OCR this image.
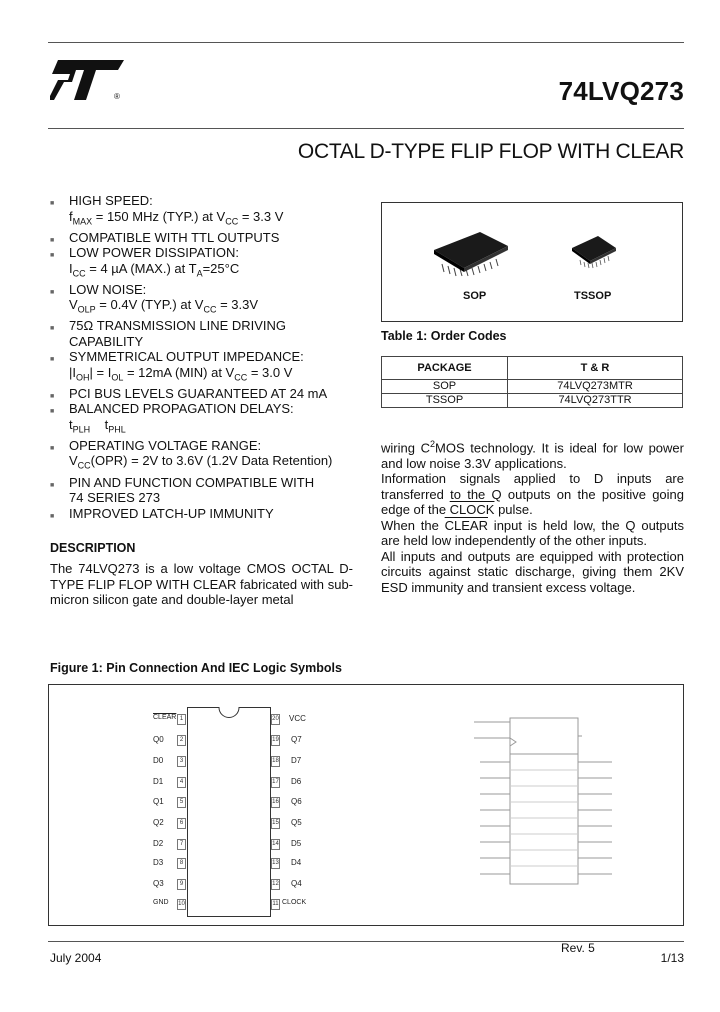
®	74LVQ273
OCTAL D-TYPE FLIP FLOP WITH CLEAR
■ HIGH SPEED:
$f_{MAX} = 150$ MHz (TYP.) at $V_{CC} = 3.3$ V
■ COMPATIBLE WITH TTL OUTPUTS
■ LOW POWER DISSIPATION:
$I_{CC} = 4$ µA (MAX.) at $T_A=25^\circ C$
■ LOW NOISE:
$V_{OLP} = 0.4V$ (TYP.) at $V_{CC} = 3.3V$
■ 75Ω TRANSMISSION LINE DRIVING
CAPABILITY
■ SYMMETRICAL OUTPUT IMPEDANCE:
$|I_{OH}| = I_{OL} = 12mA$ (MIN) at $V_{CC} = 3.0$ V
■ PCI BUS LEVELS GUARANTEED AT 24 mA
■ BALANCED PROPAGATION DELAYS:
$t_{PLH}$ $t_{PHL}$
■ OPERATING VOLTAGE RANGE:
$V_{CC}(OPR) = 2V$ to 3.6V (1.2V Data Retention)
■ PIN AND FUNCTION COMPATIBLE WITH
74 SERIES 273
■ IMPROVED LATCH-UP IMMUNITY
DESCRIPTION
The 74LVQ273 is a low voltage CMOS OCTAL D-TYPE FLIP FLOP WITH CLEAR fabricated with sub-micron silicon gate and double-layer metal

wiring $C^2MOS$ technology. It is ideal for low power and low noise 3.3V applications.

Information signals applied to D inputs are transferred to the Q outputs on the positive going edge of the CLOCK pulse.

When the CLEAR input is held low, the Q outputs are held low independently of the other inputs.

All inputs and outputs are equipped with protection circuits against static discharge, giving them 2KV ESD immunity and transient excess voltage.

SOP	TSSOP
Table 1: Order Codes
PACKAGE	T & R
SOP	74LVQ273MTR
TSSOP	74LVQ273TTR
Figure 1: Pin Connection And IEC Logic Symbols
CLEAR 1
Q0	2
D0	3
D1	4
Q1	5
Q2	6
D2	7
D3	8
Q3	9
GND 10
20 VCC
19 Q7
18 D7
17 D6
16 Q6
15 Q5
14 D5
13 D4
12 Q4
11 CLOCK
July 2004
Rev. 5
1/13
